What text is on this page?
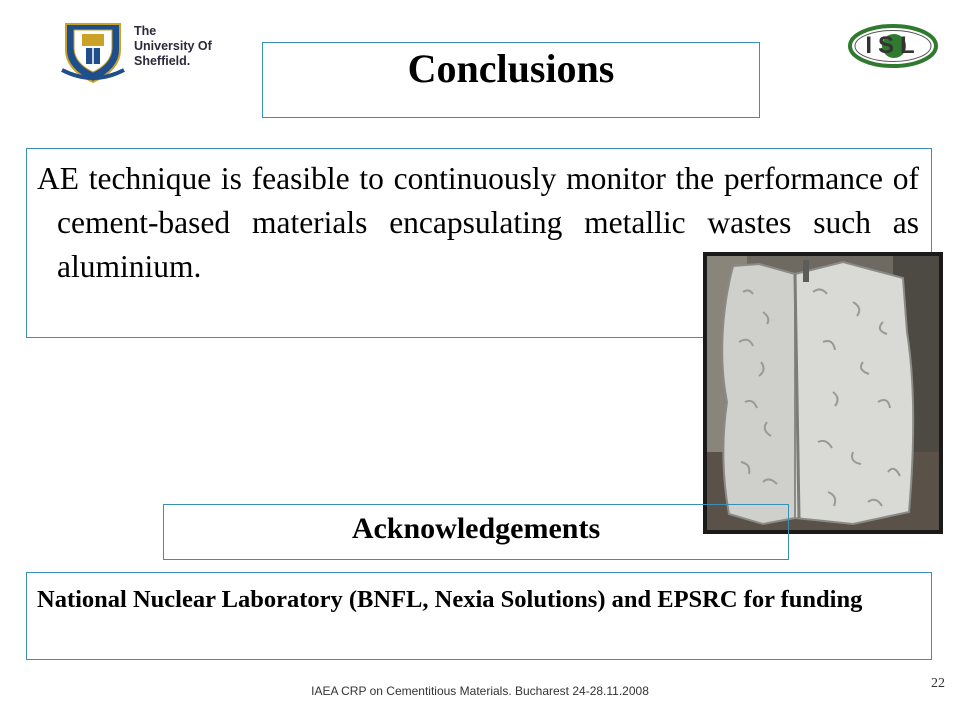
The University Of Sheffield.
ISL
Conclusions
AE technique is feasible to continuously monitor the performance of cement-based materials encapsulating metallic wastes such as aluminium.
Acknowledgements
National Nuclear Laboratory (BNFL, Nexia Solutions) and EPSRC for funding
IAEA CRP on Cementitious Materials. Bucharest 24-28.11.2008	22
